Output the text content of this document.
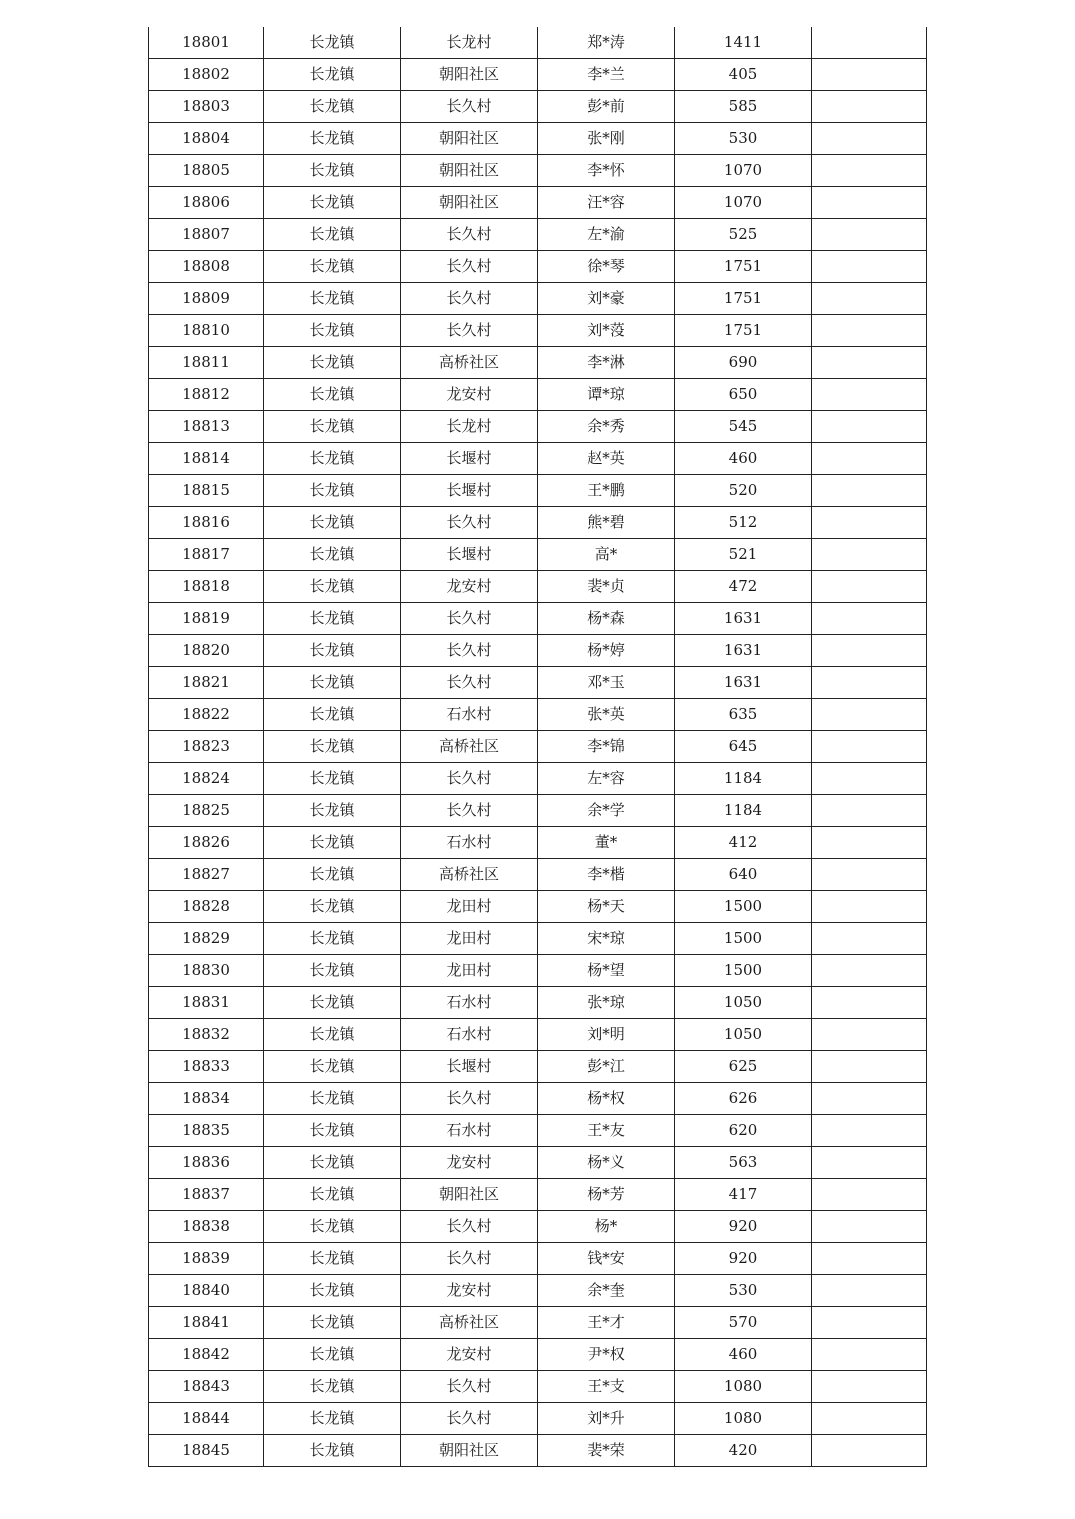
18801	长龙镇	长龙村	郑*涛	1411	
18802	长龙镇	朝阳社区	李*兰	405	
18803	长龙镇	长久村	彭*前	585	
18804	长龙镇	朝阳社区	张*刚	530	
18805	长龙镇	朝阳社区	李*怀	1070	
18806	长龙镇	朝阳社区	汪*容	1070	
18807	长龙镇	长久村	左*渝	525	
18808	长龙镇	长久村	徐*琴	1751	
18809	长龙镇	长久村	刘*豪	1751	
18810	长龙镇	长久村	刘*莈	1751	
18811	长龙镇	高桥社区	李*淋	690	
18812	长龙镇	龙安村	谭*琼	650	
18813	长龙镇	长龙村	余*秀	545	
18814	长龙镇	长堰村	赵*英	460	
18815	长龙镇	长堰村	王*鹏	520	
18816	长龙镇	长久村	熊*碧	512	
18817	长龙镇	长堰村	高*	521	
18818	长龙镇	龙安村	裴*贞	472	
18819	长龙镇	长久村	杨*森	1631	
18820	长龙镇	长久村	杨*婷	1631	
18821	长龙镇	长久村	邓*玉	1631	
18822	长龙镇	石水村	张*英	635	
18823	长龙镇	高桥社区	李*锦	645	
18824	长龙镇	长久村	左*容	1184	
18825	长龙镇	长久村	余*学	1184	
18826	长龙镇	石水村	董*	412	
18827	长龙镇	高桥社区	李*楷	640	
18828	长龙镇	龙田村	杨*天	1500	
18829	长龙镇	龙田村	宋*琼	1500	
18830	长龙镇	龙田村	杨*望	1500	
18831	长龙镇	石水村	张*琼	1050	
18832	长龙镇	石水村	刘*明	1050	
18833	长龙镇	长堰村	彭*江	625	
18834	长龙镇	长久村	杨*权	626	
18835	长龙镇	石水村	王*友	620	
18836	长龙镇	龙安村	杨*义	563	
18837	长龙镇	朝阳社区	杨*芳	417	
18838	长龙镇	长久村	杨*	920	
18839	长龙镇	长久村	钱*安	920	
18840	长龙镇	龙安村	余*奎	530	
18841	长龙镇	高桥社区	王*才	570	
18842	长龙镇	龙安村	尹*权	460	
18843	长龙镇	长久村	王*支	1080	
18844	长龙镇	长久村	刘*升	1080	
18845	长龙镇	朝阳社区	裴*荣	420	
